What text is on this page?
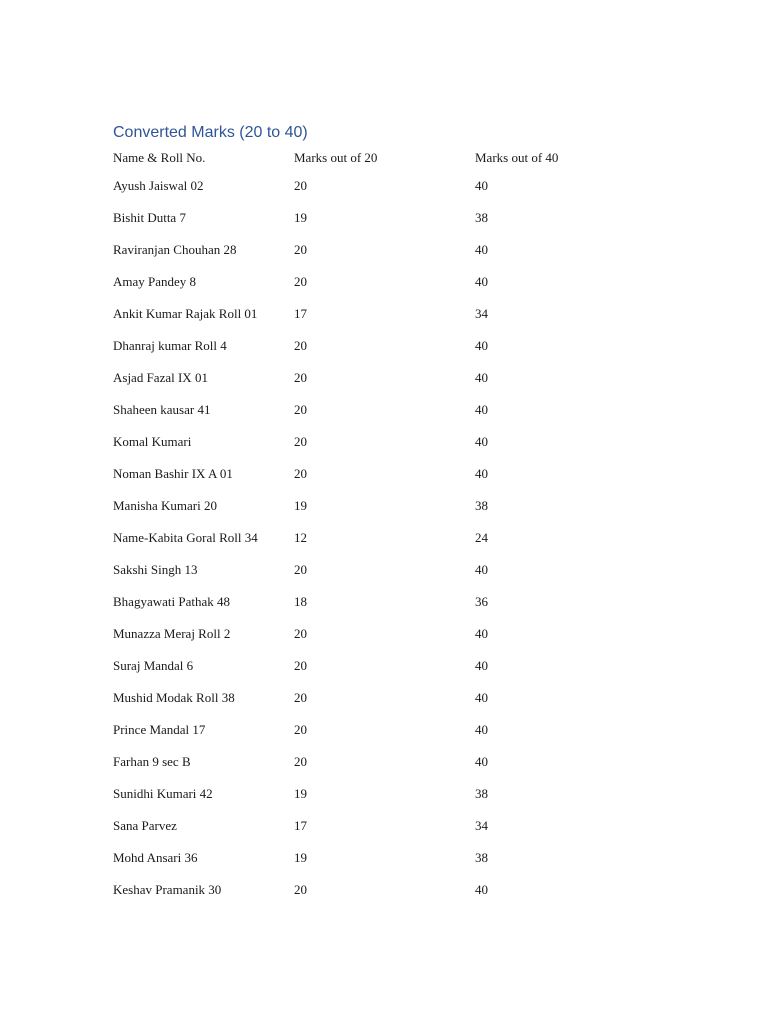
Converted Marks (20 to 40)
Name & Roll No.	Marks out of 20	Marks out of 40
Ayush Jaiswal 02	20	40
Bishit Dutta 7	19	38
Raviranjan Chouhan 28	20	40
Amay Pandey 8	20	40
Ankit Kumar Rajak Roll 01	17	34
Dhanraj kumar Roll 4	20	40
Asjad Fazal IX 01	20	40
Shaheen kausar 41	20	40
Komal Kumari	20	40
Noman Bashir IX A 01	20	40
Manisha Kumari 20	19	38
Name-Kabita Goral Roll 34	12	24
Sakshi Singh 13	20	40
Bhagyawati Pathak 48	18	36
Munazza Meraj Roll 2	20	40
Suraj Mandal 6	20	40
Mushid Modak Roll 38	20	40
Prince Mandal 17	20	40
Farhan 9 sec B	20	40
Sunidhi Kumari 42	19	38
Sana Parvez	17	34
Mohd Ansari 36	19	38
Keshav Pramanik 30	20	40
